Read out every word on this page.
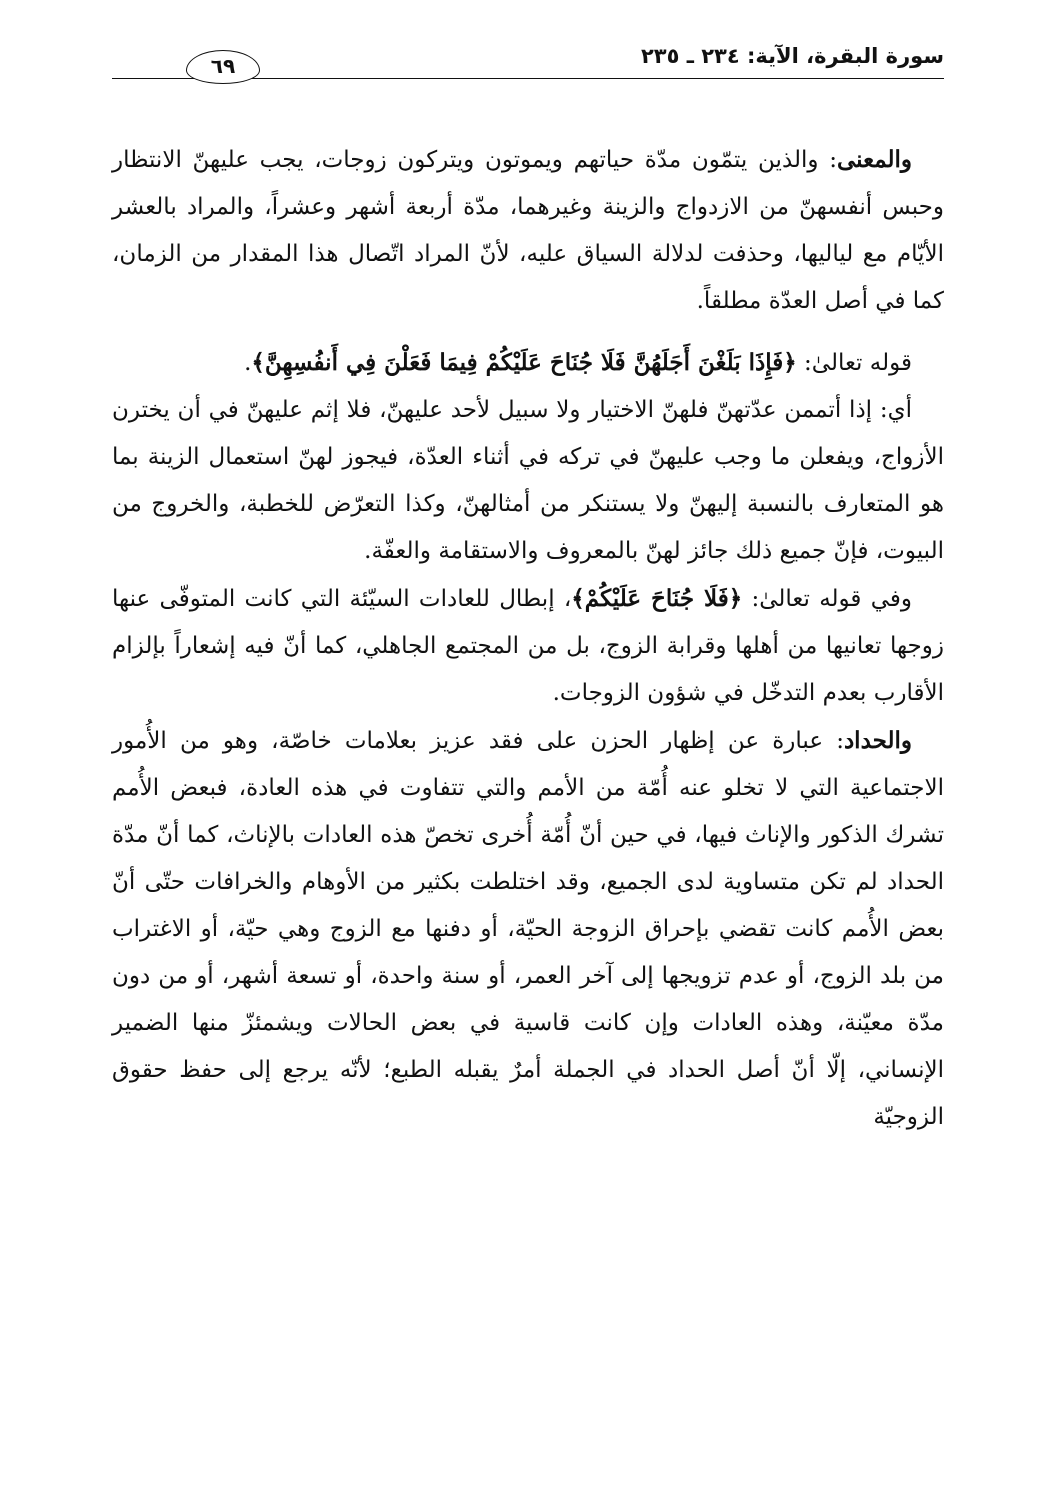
سورة البقرة، الآية: ٢٣٤ ـ ٢٣٥
٦٩

والمعنى: والذين يتمّون مدّة حياتهم ويموتون ويتركون زوجات، يجب عليهنّ الانتظار وحبس أنفسهنّ من الازدواج والزينة وغيرهما، مدّة أربعة أشهر وعشراً، والمراد بالعشر الأيّام مع لياليها، وحذفت لدلالة السياق عليه، لأنّ المراد اتّصال هذا المقدار من الزمان، كما في أصل العدّة مطلقاً.

قوله تعالىٰ: ﴿فَإِذَا بَلَغْنَ أَجَلَهُنَّ فَلَا جُنَاحَ عَلَيْكُمْ فِيمَا فَعَلْنَ فِي أَنفُسِهِنَّ﴾.

أي: إذا أتممن عدّتهنّ فلهنّ الاختيار ولا سبيل لأحد عليهنّ، فلا إثم عليهنّ في أن يخترن الأزواج، ويفعلن ما وجب عليهنّ في تركه في أثناء العدّة، فيجوز لهنّ استعمال الزينة بما هو المتعارف بالنسبة إليهنّ ولا يستنكر من أمثالهنّ، وكذا التعرّض للخطبة، والخروج من البيوت، فإنّ جميع ذلك جائز لهنّ بالمعروف والاستقامة والعفّة.

وفي قوله تعالىٰ: ﴿فَلَا جُنَاحَ عَلَيْكُمْ﴾، إبطال للعادات السيّئة التي كانت المتوفّى عنها زوجها تعانيها من أهلها وقرابة الزوج، بل من المجتمع الجاهلي، كما أنّ فيه إشعاراً بإلزام الأقارب بعدم التدخّل في شؤون الزوجات.

والحداد: عبارة عن إظهار الحزن على فقد عزيز بعلامات خاصّة، وهو من الأُمور الاجتماعية التي لا تخلو عنه أُمّة من الأمم والتي تتفاوت في هذه العادة، فبعض الأُمم تشرك الذكور والإناث فيها، في حين أنّ أُمّة أُخرى تخصّ هذه العادات بالإناث، كما أنّ مدّة الحداد لم تكن متساوية لدى الجميع، وقد اختلطت بكثير من الأوهام والخرافات حتّى أنّ بعض الأُمم كانت تقضي بإحراق الزوجة الحيّة، أو دفنها مع الزوج وهي حيّة، أو الاغتراب من بلد الزوج، أو عدم تزويجها إلى آخر العمر، أو سنة واحدة، أو تسعة أشهر، أو من دون مدّة معيّنة، وهذه العادات وإن كانت قاسية في بعض الحالات ويشمئزّ منها الضمير الإنساني، إلّا أنّ أصل الحداد في الجملة أمرٌ يقبله الطبع؛ لأنّه يرجع إلى حفظ حقوق الزوجيّة
